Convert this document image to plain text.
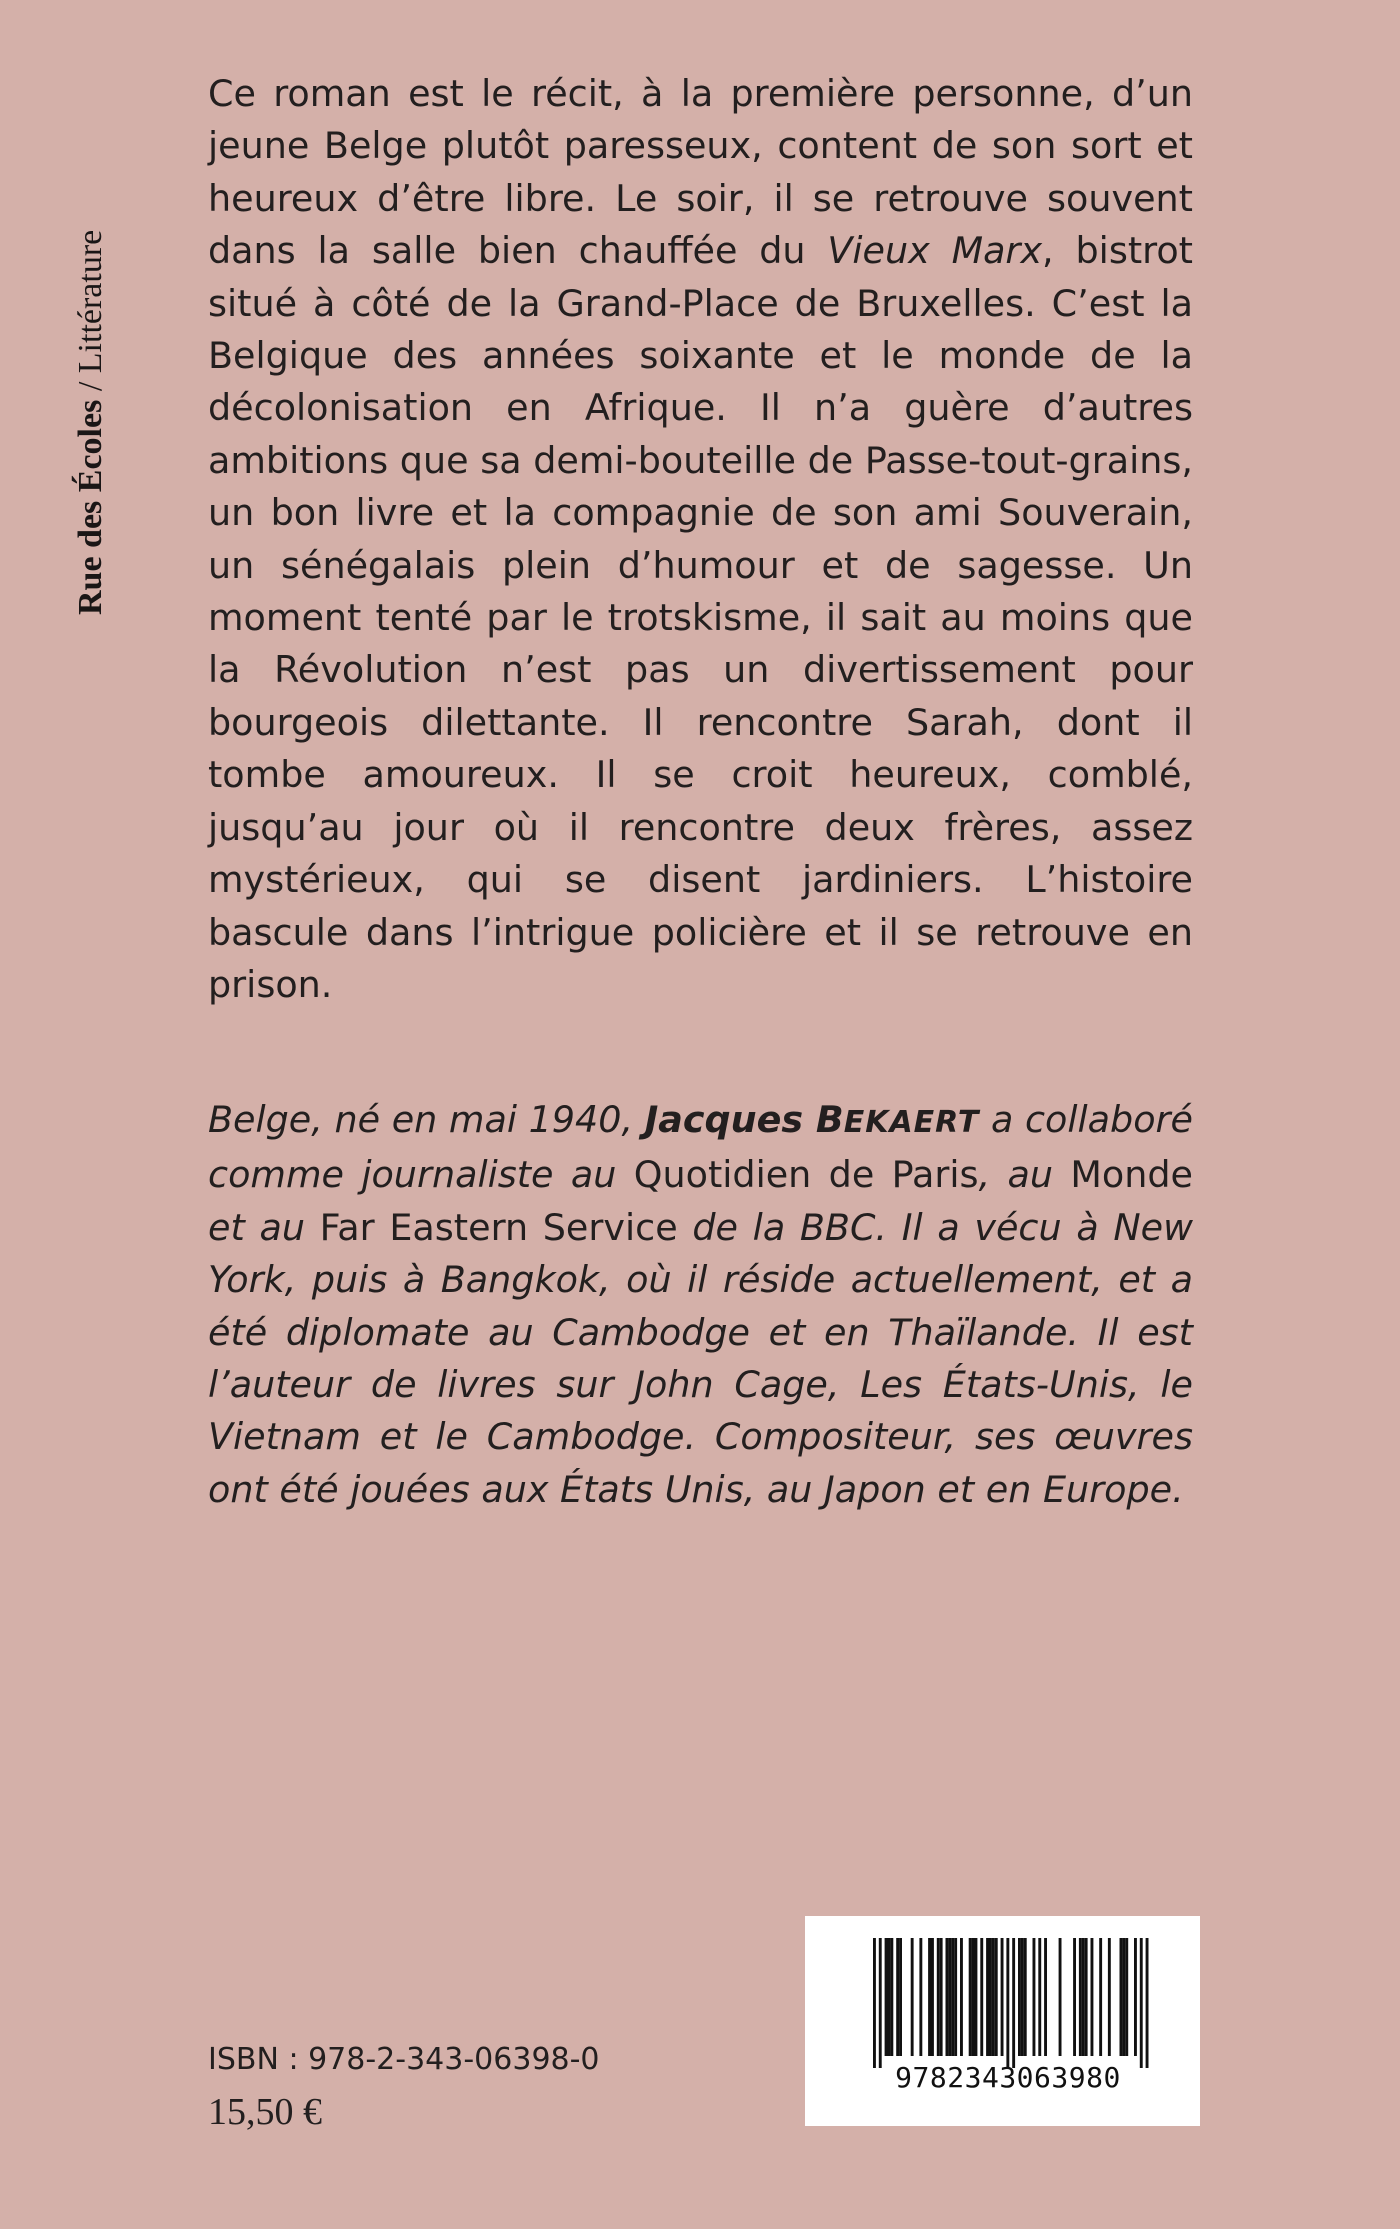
Rue des Écoles / Littérature
Ce roman est le récit, à la première personne, d’un jeune Belge plutôt paresseux, content de son sort et heureux d’être libre. Le soir, il se retrouve souvent dans la salle bien chauffée du Vieux Marx, bistrot situé à côté de la Grand-Place de Bruxelles. C’est la Belgique des années soixante et le monde de la décolonisation en Afrique. Il n’a guère d’autres ambitions que sa demi-bouteille de Passe-tout-grains, un bon livre et la compagnie de son ami Souverain, un sénégalais plein d’humour et de sagesse. Un moment tenté par le trotskisme, il sait au moins que la Révolution n’est pas un divertissement pour bourgeois dilettante. Il rencontre Sarah, dont il tombe amoureux. Il se croit heureux, comblé, jusqu’au jour où il rencontre deux frères, assez mystérieux, qui se disent jardiniers. L’histoire bascule dans l’intrigue policière et il se retrouve en prison.
Belge, né en mai 1940, Jacques BEKAERT a collaboré comme journaliste au Quotidien de Paris, au Monde et au Far Eastern Service de la BBC. Il a vécu à New York, puis à Bangkok, où il réside actuellement, et a été diplomate au Cambodge et en Thaïlande. Il est l’auteur de livres sur John Cage, Les États-Unis, le Vietnam et le Cambodge. Compositeur, ses œuvres ont été jouées aux États Unis, au Japon et en Europe.
ISBN : 978-2-343-06398-0
15,50 €
9782343063980
